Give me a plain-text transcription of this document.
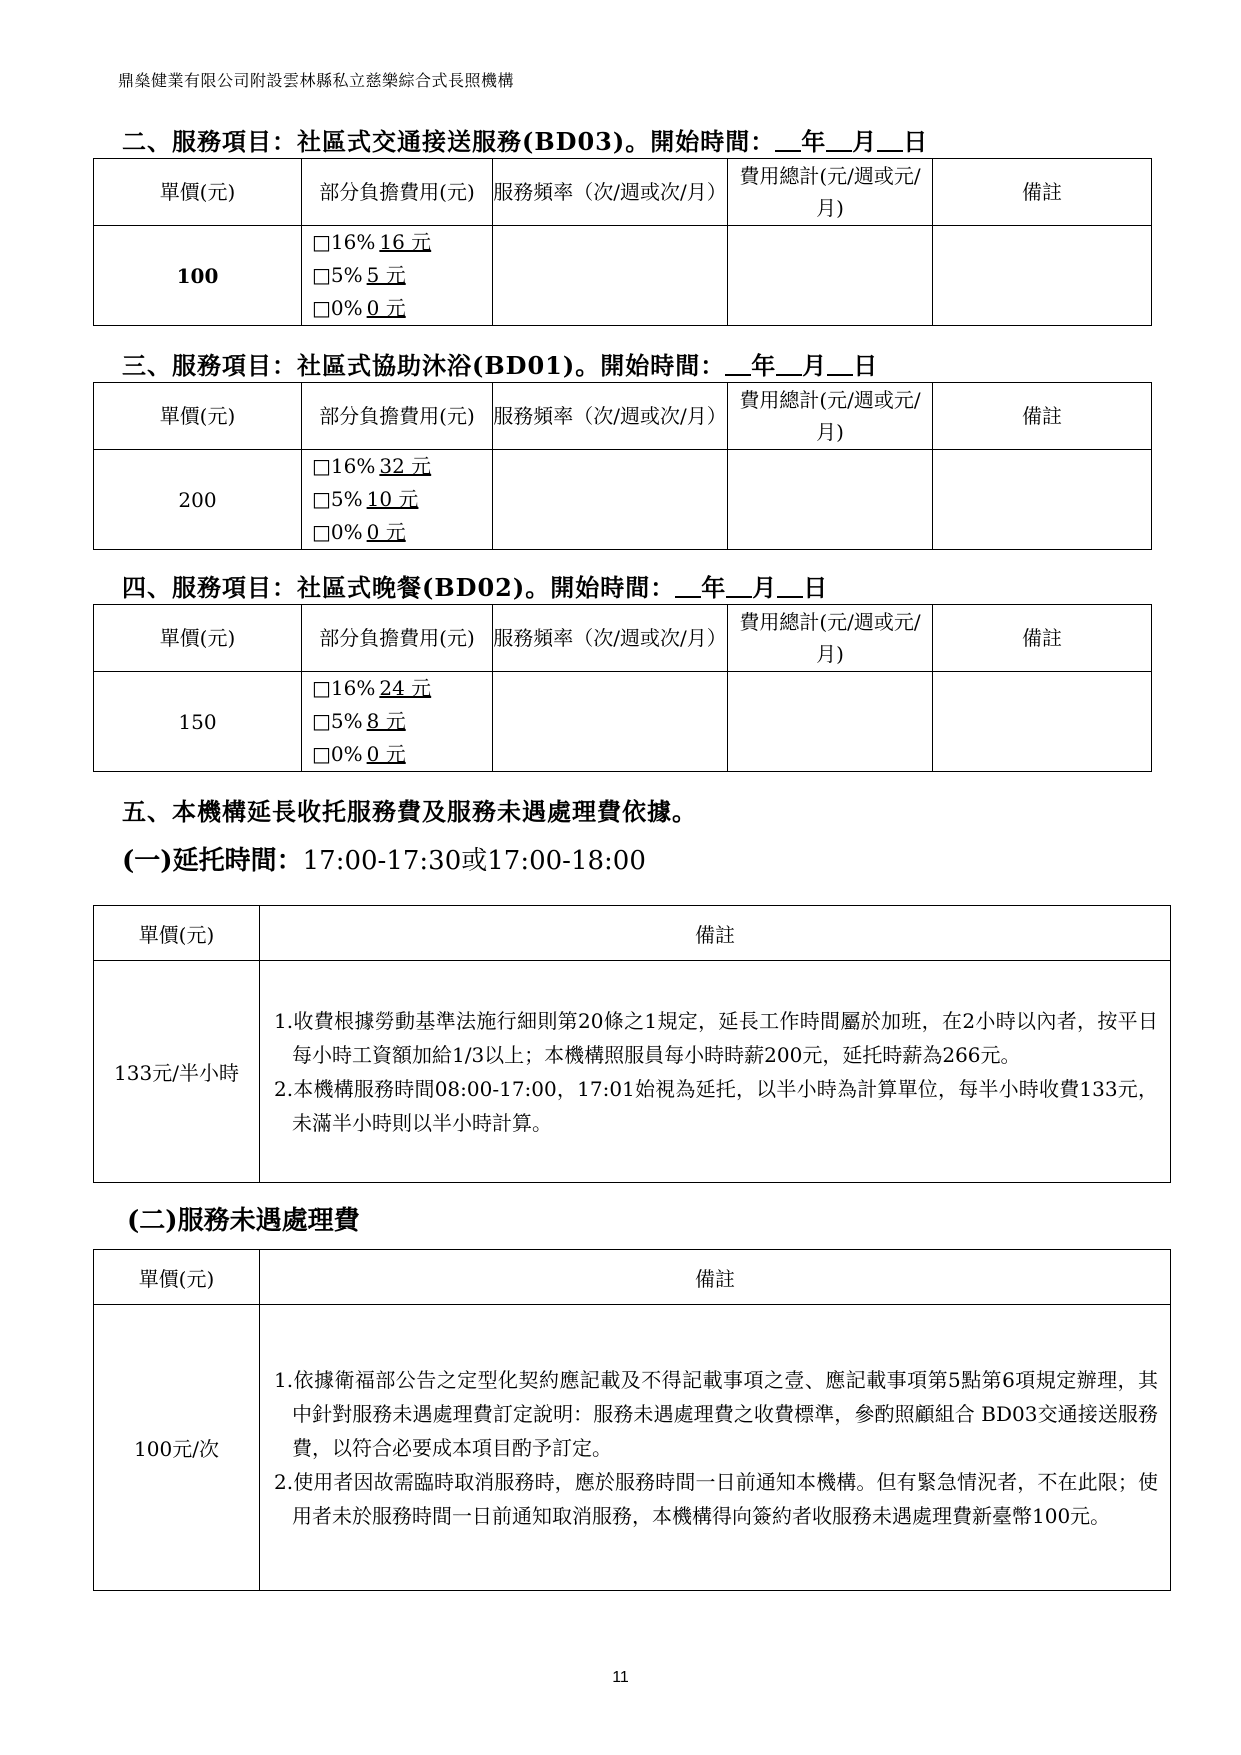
鼎燊健業有限公司附設雲林縣私立慈樂綜合式長照機構
二、服務項目：社區式交通接送服務(BD03)。開始時間： 年 月 日
單價(元)	部分負擔費用(元)	服務頻率（次/週或次/月）	費用總計(元/週或元/月)	備註
100	□16% 16 元
□5% 5 元
□0% 0 元			

三、服務項目：社區式協助沐浴(BD01)。開始時間： 年 月 日
單價(元)	部分負擔費用(元)	服務頻率（次/週或次/月）	費用總計(元/週或元/月)	備註
200	□16% 32 元
□5% 10 元
□0% 0 元			

四、服務項目：社區式晚餐(BD02)。開始時間： 年 月 日
單價(元)	部分負擔費用(元)	服務頻率（次/週或次/月）	費用總計(元/週或元/月)	備註
150	□16% 24 元
□5% 8 元
□0% 0 元			

五、本機構延長收托服務費及服務未遇處理費依據。
(一)延托時間：17:00-17:30或17:00-18:00
單價(元)	備註
133元/半小時	1.收費根據勞動基準法施行細則第20條之1規定，延長工作時間屬於加班，在2小時以內者，按平日每小時工資額加給1/3以上；本機構照服員每小時時薪200元，延托時薪為266元。

2.本機構服務時間08:00-17:00，17:01始視為延托，以半小時為計算單位，每半小時收費133元，未滿半小時則以半小時計算。

(二)服務未遇處理費
單價(元)	備註
100元/次	1.依據衛福部公告之定型化契約應記載及不得記載事項之壹、應記載事項第5點第6項規定辦理，其中針對服務未遇處理費訂定說明：服務未遇處理費之收費標準，參酌照顧組合 BD03交通接送服務費，以符合必要成本項目酌予訂定。

2.使用者因故需臨時取消服務時，應於服務時間一日前通知本機構。但有緊急情況者，不在此限；使用者未於服務時間一日前通知取消服務，本機構得向簽約者收服務未遇處理費新臺幣100元。

11
